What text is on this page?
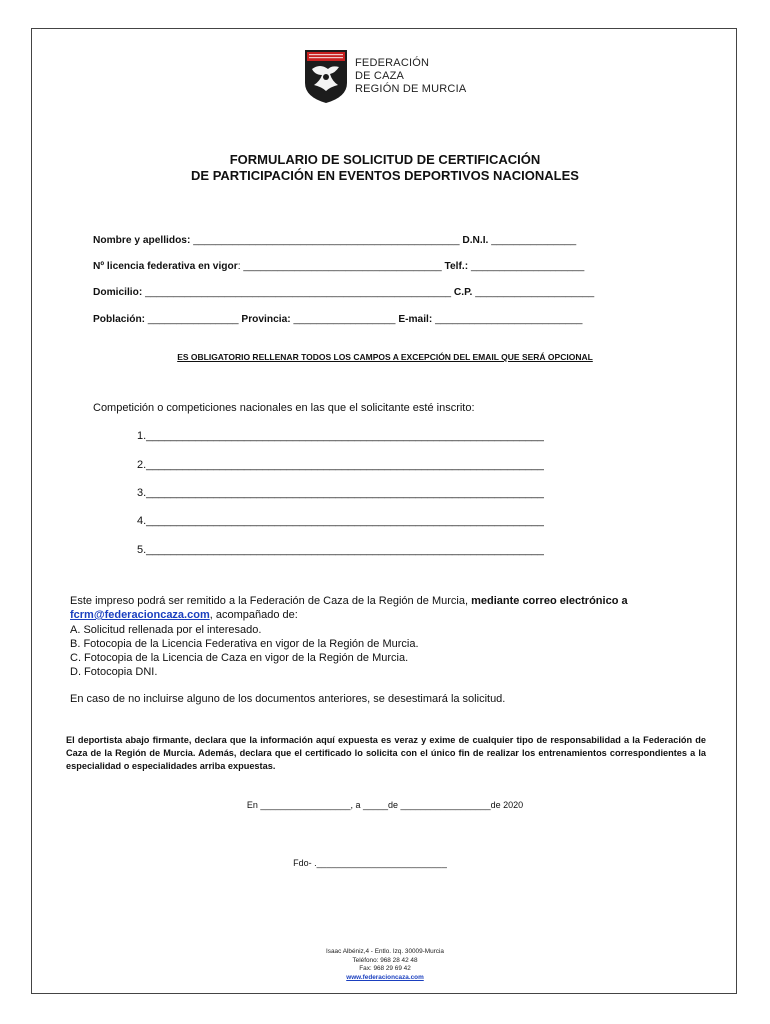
FEDERACIÓN
DE CAZA
REGIÓN DE MURCIA
FORMULARIO DE SOLICITUD DE CERTIFICACIÓN
DE PARTICIPACIÓN EN EVENTOS DEPORTIVOS NACIONALES
Nombre y apellidos: _______________________________________________ D.N.I. _______________
Nº licencia federativa en vigor: ___________________________________ Telf.: ____________________
Domicilio: ______________________________________________________ C.P. _____________________
Población: ________________ Provincia: __________________ E-mail: __________________________
ES OBLIGATORIO RELLENAR TODOS LOS CAMPOS A EXCEPCIÓN DEL EMAIL QUE SERÁ OPCIONAL
Competición o competiciones nacionales en las que el solicitante esté inscrito:
1._________________________________________________________________
2._________________________________________________________________
3._________________________________________________________________
4._________________________________________________________________
5._________________________________________________________________
Este impreso podrá ser remitido a la Federación de Caza de la Región de Murcia, mediante correo electrónico a
fcrm@federacioncaza.com, acompañado de:
A. Solicitud rellenada por el interesado.
B. Fotocopia de la Licencia Federativa en vigor de la Región de Murcia.
C. Fotocopia de la Licencia de Caza en vigor de la Región de Murcia.
D. Fotocopia DNI.
En caso de no incluirse alguno de los documentos anteriores, se desestimará la solicitud.
El deportista abajo firmante, declara que la información aquí expuesta es veraz y exime de cualquier tipo de responsabilidad a la Federación de Caza de la Región de Murcia. Además, declara que el certificado lo solicita con el único fin de realizar los entrenamientos correspondientes a la especialidad o especialidades arriba expuestas.
En __________________, a _____de __________________de 2020
Fdo- .__________________________
Isaac Albéniz,4 - Entlo. Izq. 30009-Murcia
Teléfono: 968 28 42 48
Fax: 968 29 69 42
www.federacioncaza.com
